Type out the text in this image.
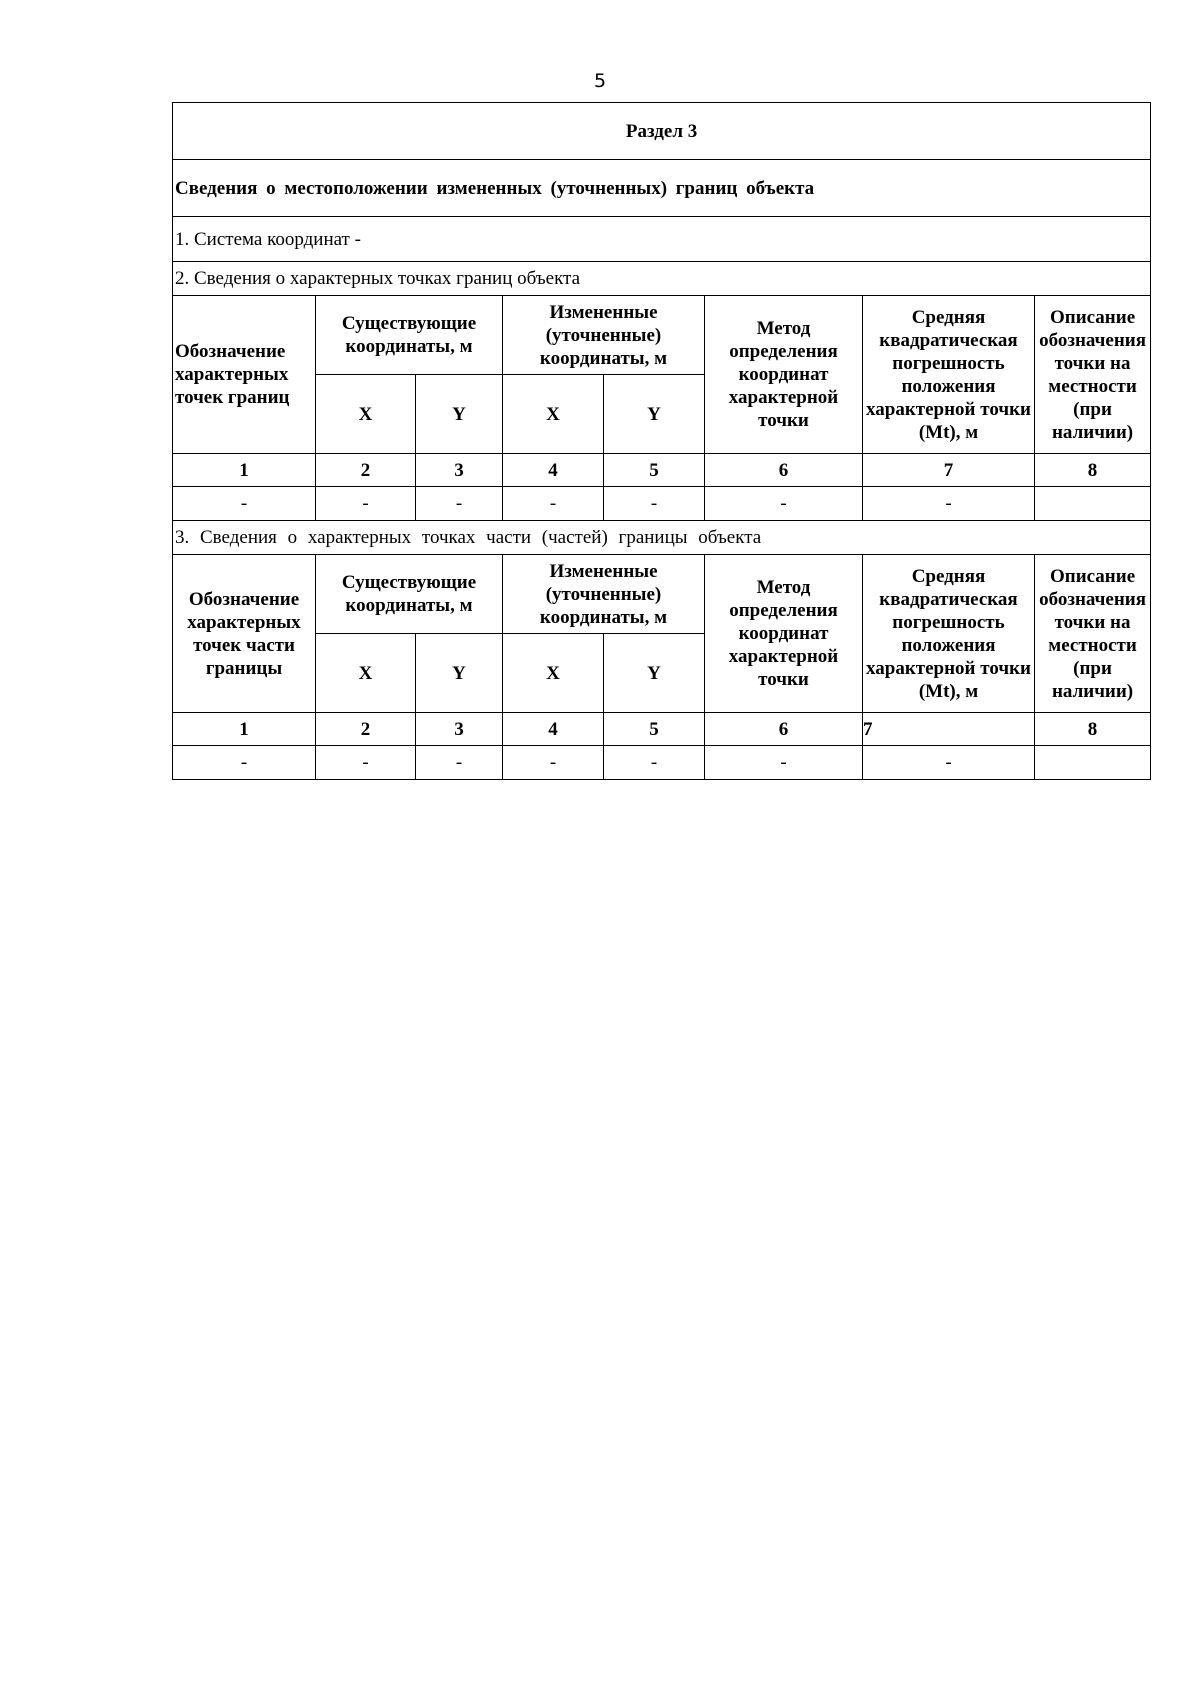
5
Раздел 3							
Сведения о местоположении измененных (уточненных) границ объекта							
1. Система координат -							
2. Сведения о характерных точках границ объекта							
Обозначение характерных точек границ	Существующие координаты, м		Измененные (уточненные) координаты, м		Метод определения координат характерной точки	Средняя квадратическая погрешность положения характерной точки (Mt), м	Описание обозначения точки на местности (при наличии)
	X	Y	X	Y			
1	2	3	4	5	6	7	8
-	-	-	-	-	-	-	
3. Сведения о характерных точках части (частей) границы объекта							
Обозначение характерных точек части границы	Существующие координаты, м		Измененные (уточненные) координаты, м		Метод определения координат характерной точки	Средняя квадратическая погрешность положения характерной точки (Mt), м	Описание обозначения точки на местности (при наличии)
	X	Y	X	Y			
1	2	3	4	5	6	7	8
-	-	-	-	-	-	-	
